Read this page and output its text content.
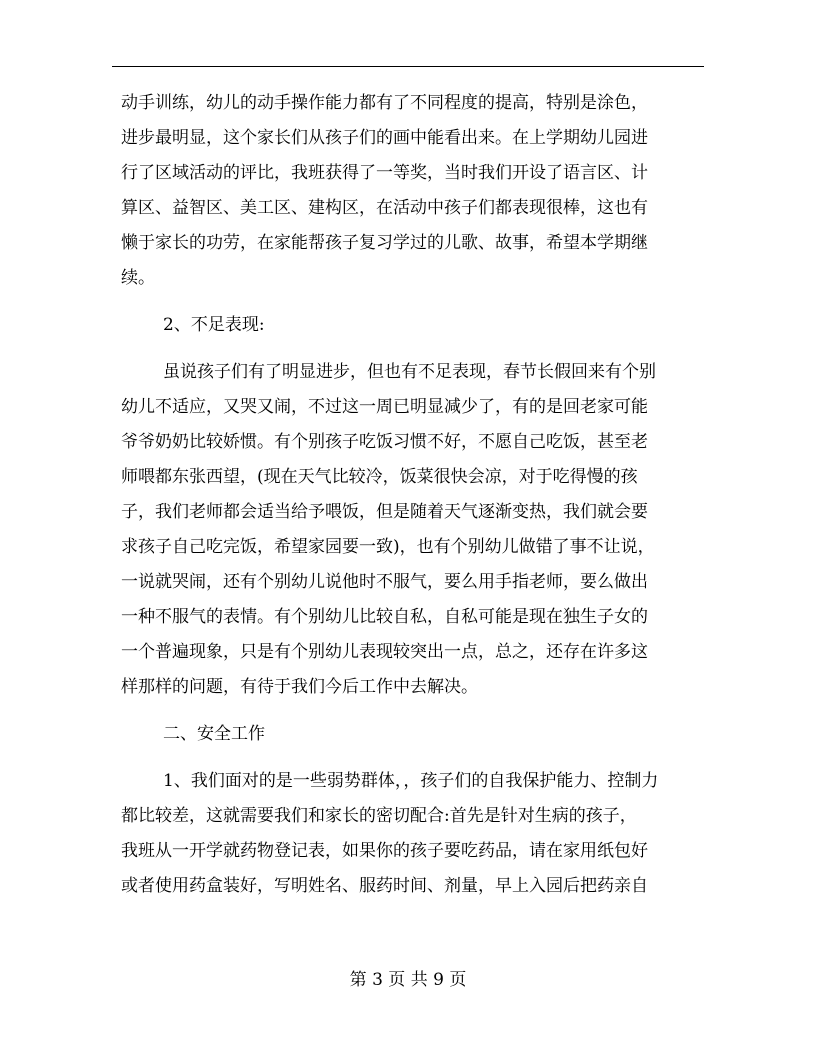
动手训练，幼儿的动手操作能力都有了不同程度的提高，特别是涂色，
进步最明显，这个家长们从孩子们的画中能看出来。在上学期幼儿园进
行了区域活动的评比，我班获得了一等奖，当时我们开设了语言区、计
算区、益智区、美工区、建构区，在活动中孩子们都表现很棒，这也有
懒于家长的功劳，在家能帮孩子复习学过的儿歌、故事，希望本学期继
续。
2、不足表现:
虽说孩子们有了明显进步，但也有不足表现，春节长假回来有个别
幼儿不适应，又哭又闹，不过这一周已明显减少了，有的是回老家可能
爷爷奶奶比较娇惯。有个别孩子吃饭习惯不好，不愿自己吃饭，甚至老
师喂都东张西望，(现在天气比较冷，饭菜很快会凉，对于吃得慢的孩
子，我们老师都会适当给予喂饭，但是随着天气逐渐变热，我们就会要
求孩子自己吃完饭，希望家园要一致)，也有个别幼儿做错了事不让说，
一说就哭闹，还有个别幼儿说他时不服气，要么用手指老师，要么做出
一种不服气的表情。有个别幼儿比较自私，自私可能是现在独生子女的
一个普遍现象，只是有个别幼儿表现较突出一点，总之，还存在许多这
样那样的问题，有待于我们今后工作中去解决。
二、安全工作
1、我们面对的是一些弱势群体，，孩子们的自我保护能力、控制力
都比较差，这就需要我们和家长的密切配合:首先是针对生病的孩子，
我班从一开学就药物登记表，如果你的孩子要吃药品，请在家用纸包好
或者使用药盒装好，写明姓名、服药时间、剂量，早上入园后把药亲自
第 3 页 共 9 页
